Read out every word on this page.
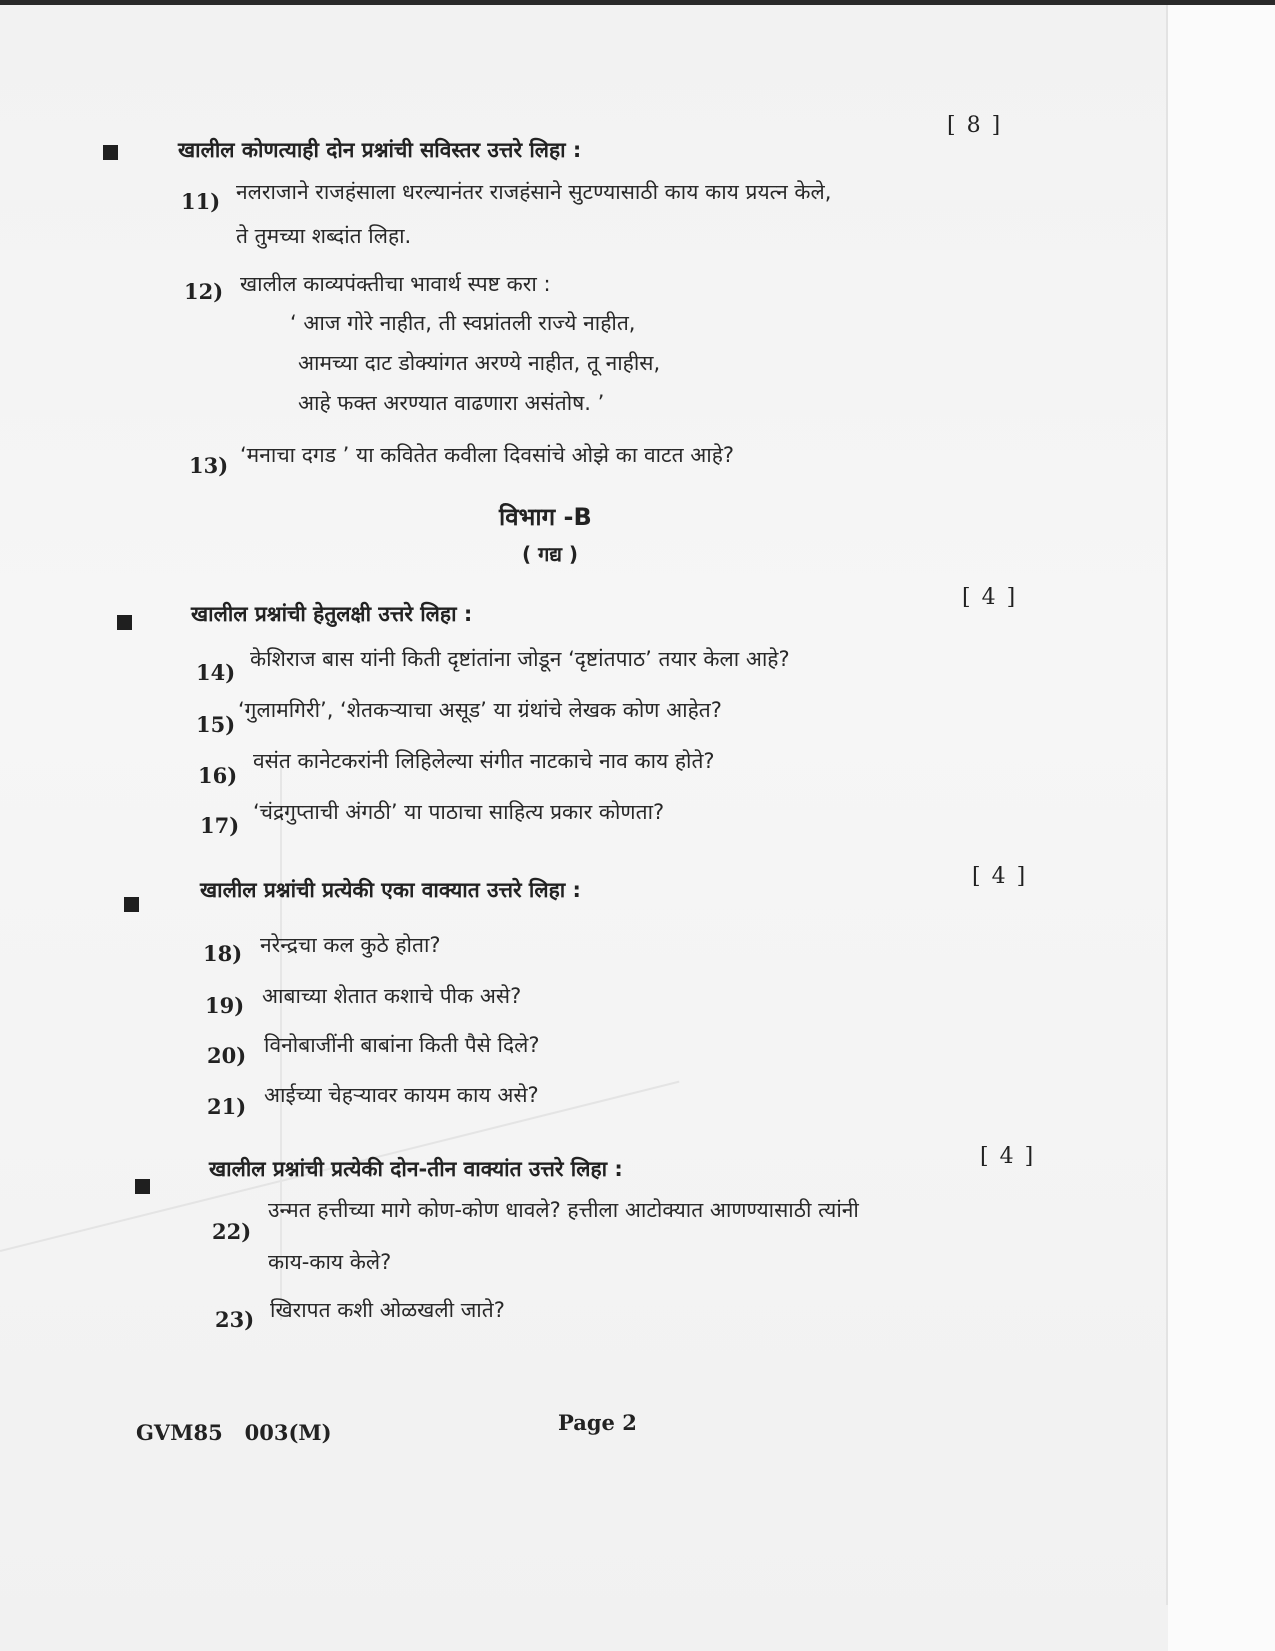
खालील कोणत्याही दोन प्रश्नांची सविस्तर उत्तरे लिहा :
[ 8 ]
11) नलराजाने राजहंसाला धरल्यानंतर राजहंसाने सुटण्यासाठी काय काय प्रयत्न केले,
ते तुमच्या शब्दांत लिहा.
12) खालील काव्यपंक्तीचा भावार्थ स्पष्ट करा :
‘ आज गोरे नाहीत, ती स्वप्नांतली राज्ये नाहीत,
आमच्या दाट डोक्यांगत अरण्ये नाहीत, तू नाहीस,
आहे फक्त अरण्यात वाढणारा असंतोष. ’
13) ‘मनाचा दगड ’ या कवितेत कवीला दिवसांचे ओझे का वाटत आहे?
विभाग -B
( गद्य )
खालील प्रश्नांची हेतुलक्षी उत्तरे लिहा :
[ 4 ]
14)
केशिराज बास यांनी किती दृष्टांतांना जोडून ‘दृष्टांतपाठ’ तयार केला आहे?
15)
‘गुलामगिरी’, ‘शेतकऱ्याचा असूड’ या ग्रंथांचे लेखक कोण आहेत?
16)
वसंत कानेटकरांनी लिहिलेल्या संगीत नाटकाचे नाव काय होते?
17)
‘चंद्रगुप्ताची अंगठी’ या पाठाचा साहित्य प्रकार कोणता?
खालील प्रश्नांची प्रत्येकी एका वाक्यात उत्तरे लिहा :
[ 4 ]
18) नरेन्द्रचा कल कुठे होता?
19) आबाच्या शेतात कशाचे पीक असे?
20) विनोबाजींनी बाबांना किती पैसे दिले?
21) आईच्या चेहऱ्यावर कायम काय असे?
खालील प्रश्नांची प्रत्येकी दोन-तीन वाक्यांत उत्तरे लिहा :	[ 4 ]
22)
उन्मत हत्तीच्या मागे कोण-कोण धावले? हत्तीला आटोक्यात आणण्यासाठी त्यांनी
काय-काय केले?
23) खिरापत कशी ओळखली जाते?
GVM85   003(M)	Page 2
